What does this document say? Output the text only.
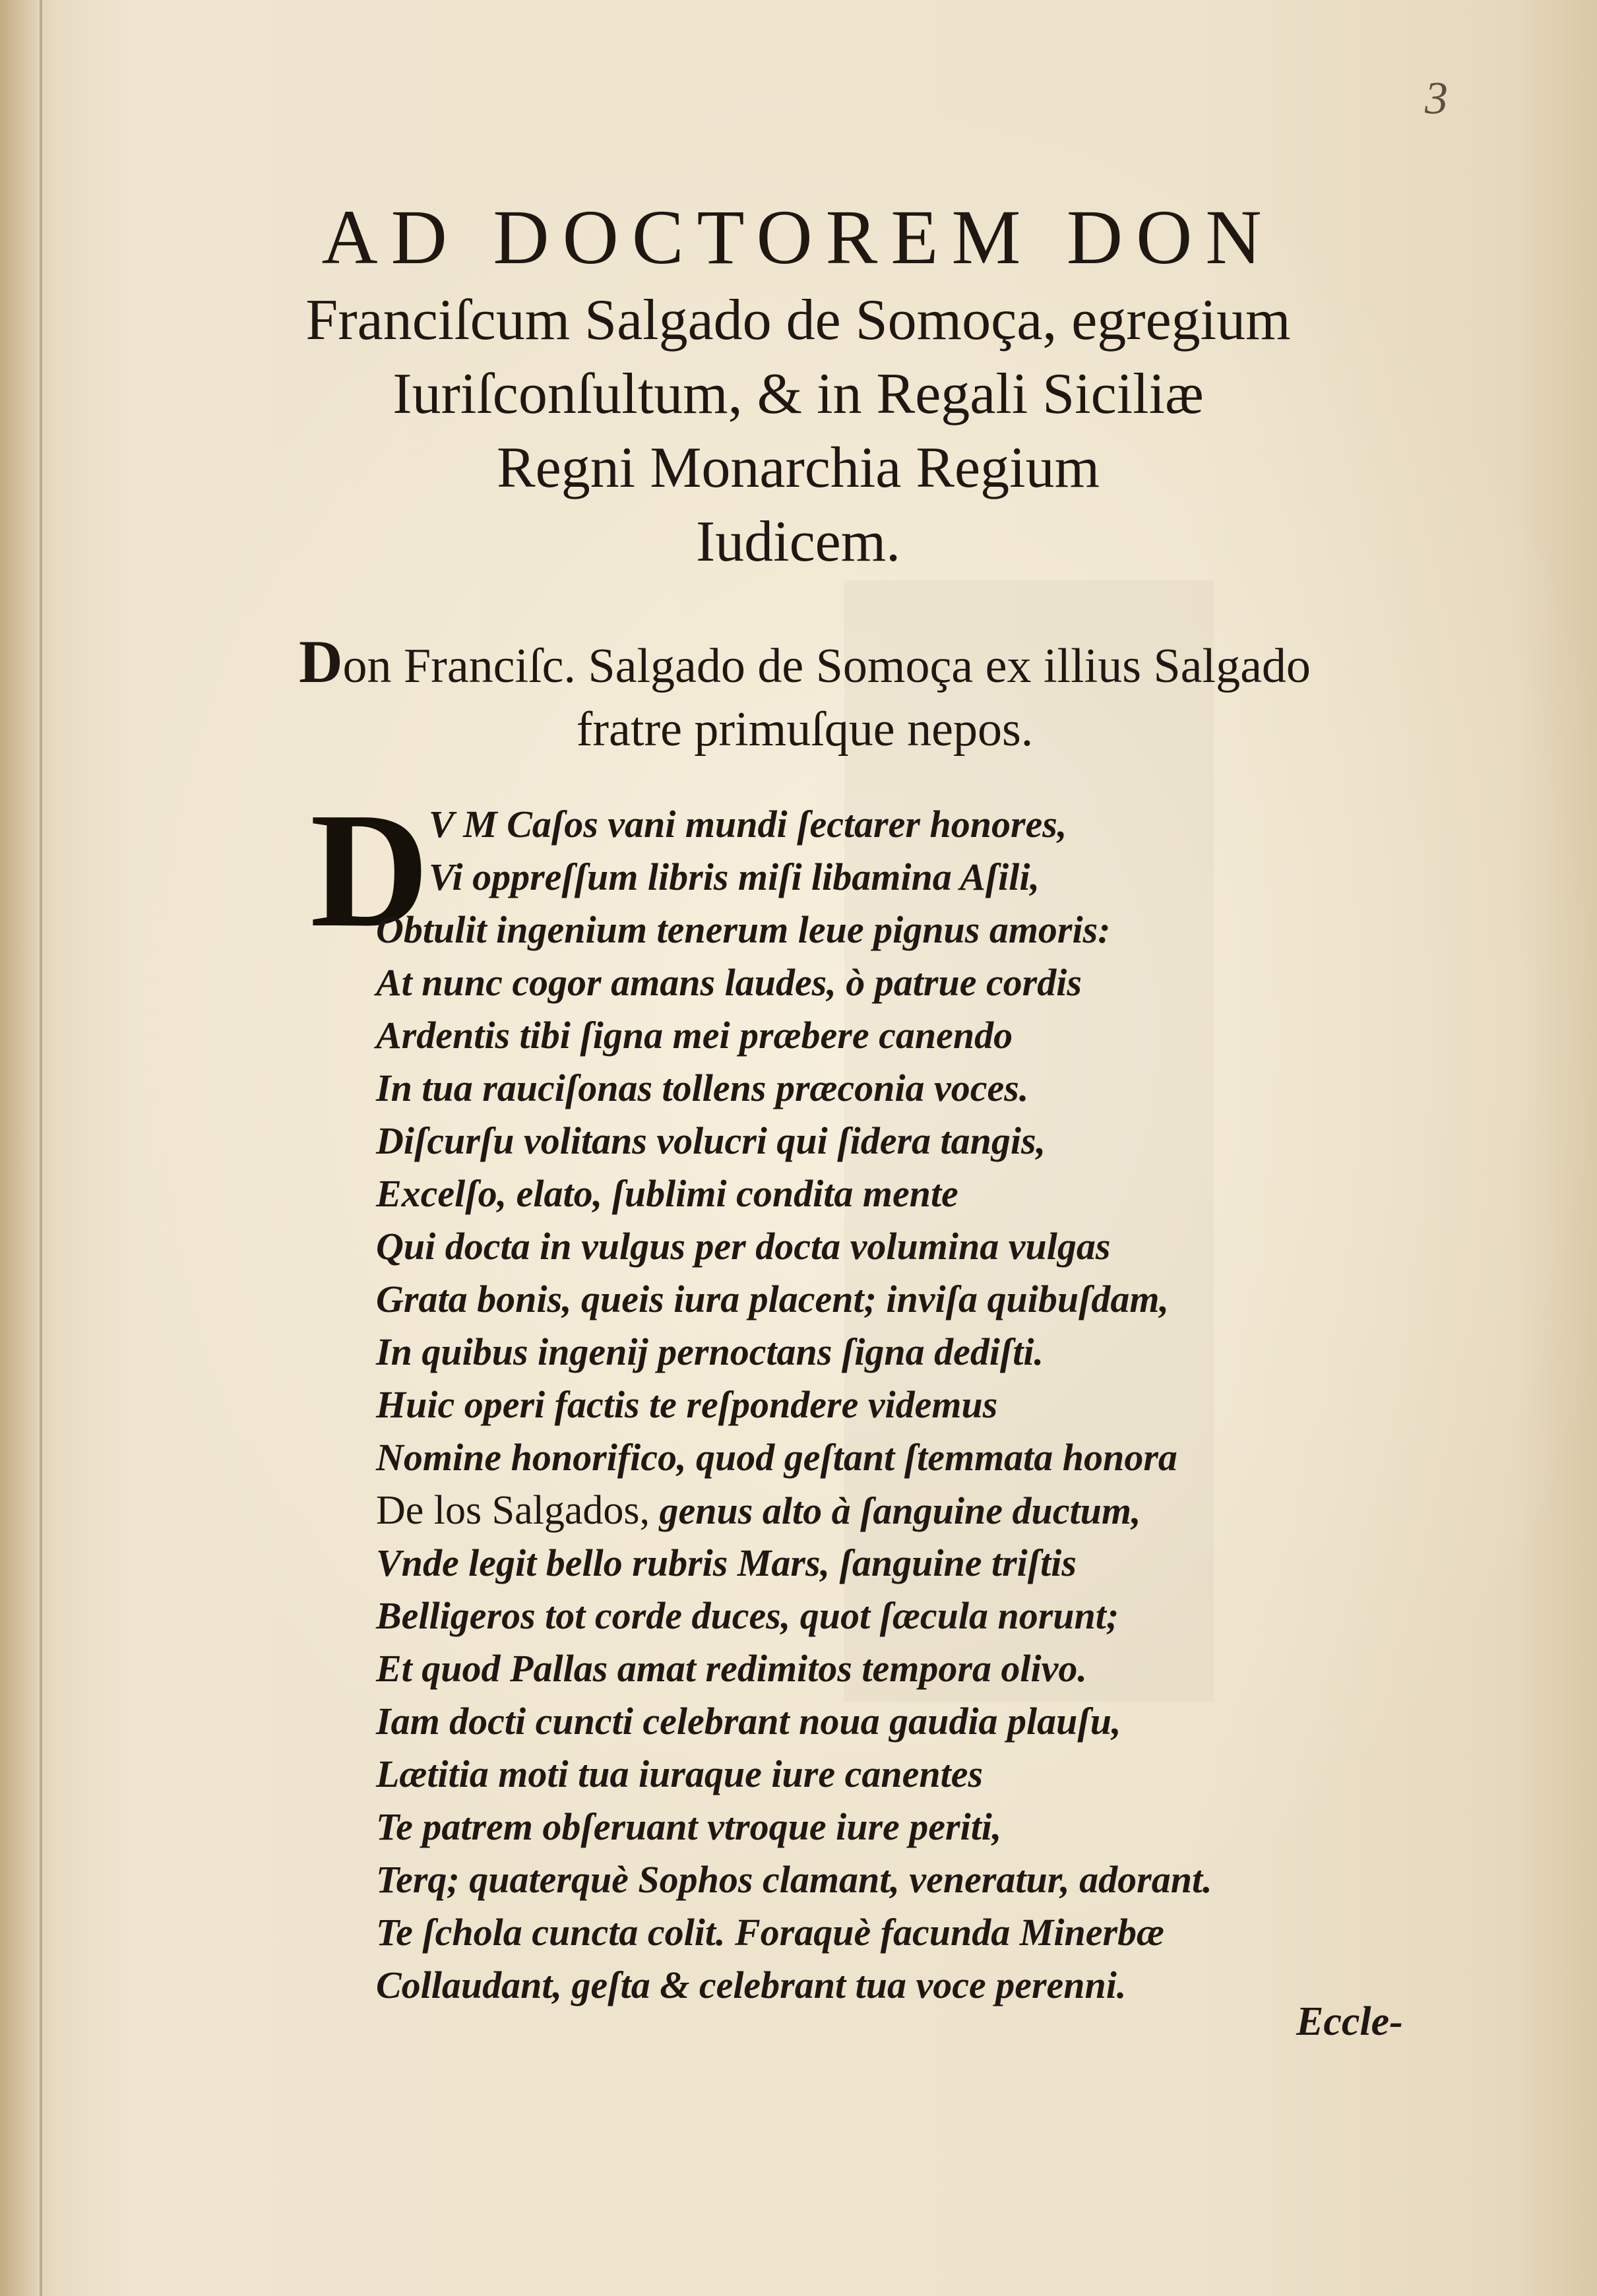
3
AD DOCTOREM DON
Franciſcum Salgado de Somoça, egregium
Iuriſconſultum, & in Regali Siciliæ
Regni Monarchia Regium
Iudicem.
Don Franciſc. Salgado de Somoça ex illius Salgado
fratre primuſque nepos.
D V M Caſos vani mundi ſectarer honores,
Vi oppreſſum libris miſi libamina Aſili,
Obtulit ingenium tenerum leue pignus amoris:
At nunc cogor amans laudes, ò patrue cordis
Ardentis tibi ſigna mei præbere canendo
In tua rauciſonas tollens præconia voces.
Diſcurſu volitans volucri qui ſidera tangis,
Excelſo, elato, ſublimi condita mente
Qui docta in vulgus per docta volumina vulgas
Grata bonis, queis iura placent; inviſa quibuſdam,
In quibus ingenij pernoctans ſigna dediſti.
Huic operi factis te reſpondere videmus
Nomine honorifico, quod geſtant ſtemmata honora
De los Salgados, genus alto à ſanguine ductum,
Vnde legit bello rubris Mars, ſanguine triſtis
Belligeros tot corde duces, quot ſæcula norunt;
Et quod Pallas amat redimitos tempora olivo.
Iam docti cuncti celebrant noua gaudia plauſu,
Lætitia moti tua iuraque iure canentes
Te patrem obſeruant vtroque iure periti,
Terq; quaterquè Sophos clamant, veneratur, adorant.
Te ſchola cuncta colit. Foraquè facunda Minerbæ
Collaudant, geſta & celebrant tua voce perenni.
Eccle-
